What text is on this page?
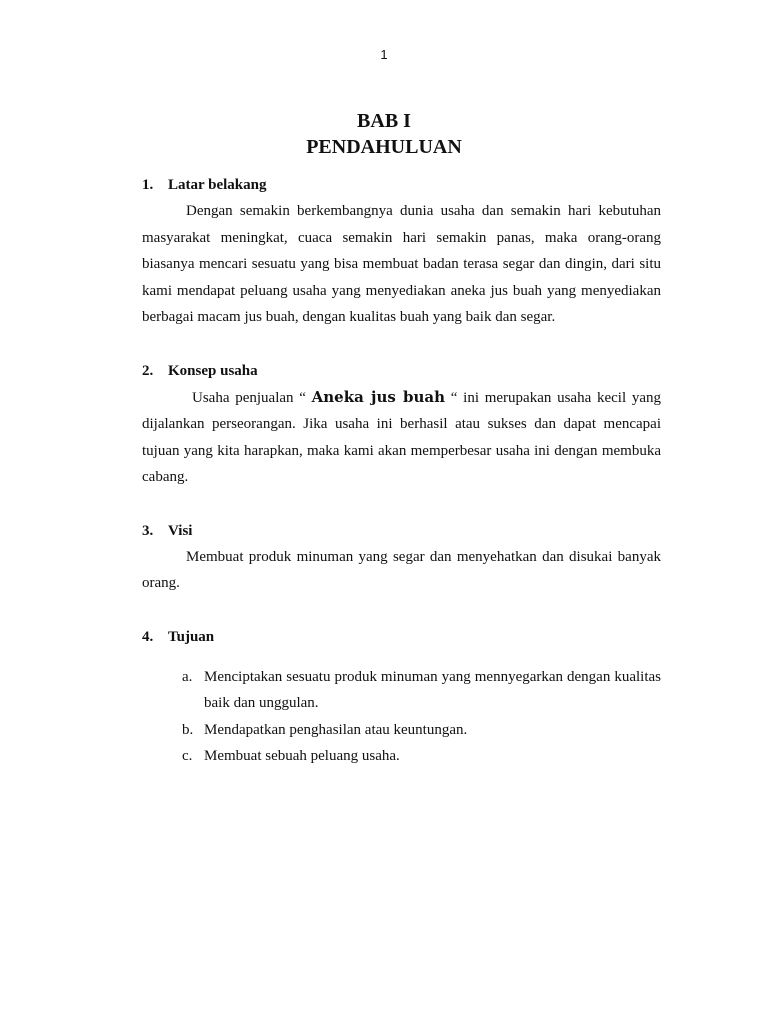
1
BAB I
PENDAHULUAN
1. Latar belakang

Dengan semakin berkembangnya dunia usaha dan semakin hari kebutuhan masyarakat meningkat, cuaca semakin hari semakin panas, maka orang-orang biasanya mencari sesuatu yang bisa membuat badan terasa segar dan dingin, dari situ kami mendapat peluang usaha yang menyediakan aneka jus buah yang menyediakan berbagai macam jus buah, dengan kualitas buah yang baik dan segar.

2. Konsep usaha

Usaha penjualan “ Aneka jus buah “ ini merupakan usaha kecil yang dijalankan perseorangan. Jika usaha ini berhasil atau sukses dan dapat mencapai tujuan yang kita harapkan, maka kami akan memperbesar usaha ini dengan membuka cabang.

3. Visi

Membuat produk minuman yang segar dan menyehatkan dan disukai banyak orang.

4. Tujuan
a. Menciptakan sesuatu produk minuman yang mennyegarkan dengan kualitas baik dan unggulan.
b. Mendapatkan penghasilan atau keuntungan.
c. Membuat sebuah peluang usaha.
